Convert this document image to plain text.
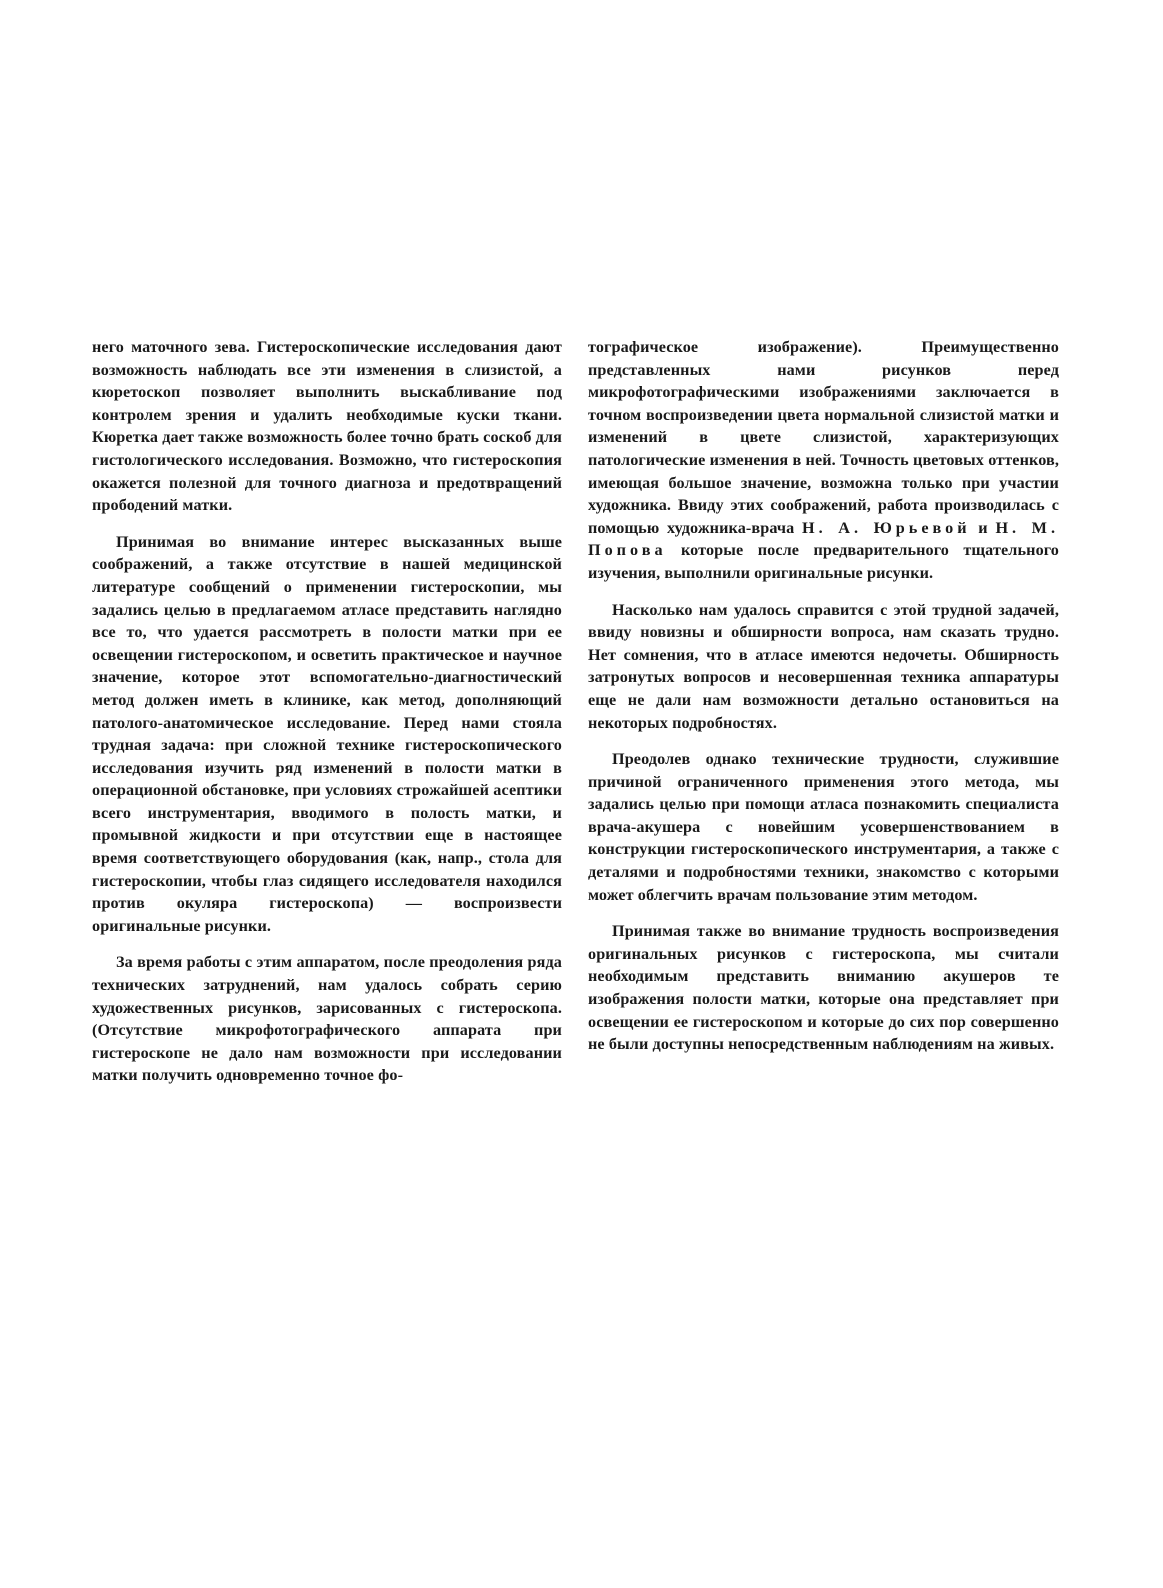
него маточного зева. Гистероскопические исследования дают возможность наблюдать все эти изменения в слизистой, а кюретоскоп позволяет выполнить выскабливание под контролем зрения и удалить необходимые куски ткани. Кюретка дает также возможность более точно брать соскоб для гистологического исследования. Возможно, что гистероскопия окажется полезной для точного диагноза и предотвращений прободений матки.

Принимая во внимание интерес высказанных выше соображений, а также отсутствие в нашей медицинской литературе сообщений о применении гистероскопии, мы задались целью в предлагаемом атласе представить наглядно все то, что удается рассмотреть в полости матки при ее освещении гистероскопом, и осветить практическое и научное значение, которое этот вспомогательно-диагностический метод должен иметь в клинике, как метод, дополняющий патолого-анатомическое исследование. Перед нами стояла трудная задача: при сложной технике гистероскопического исследования изучить ряд изменений в полости матки в операционной обстановке, при условиях строжайшей асептики всего инструментария, вводимого в полость матки, и промывной жидкости и при отсутствии еще в настоящее время соответствующего оборудования (как, напр., стола для гистероскопии, чтобы глаз сидящего исследователя находился против окуляра гистероскопа) — воспроизвести оригинальные рисунки.

За время работы с этим аппаратом, после преодоления ряда технических затруднений, нам удалось собрать серию художественных рисунков, зарисованных с гистероскопа. (Отсутствие микрофотографического аппарата при гистероскопе не дало нам возможности при исследовании матки получить одновременно точное фо-

тографическое изображение). Преимущественно представленных нами рисунков перед микрофотографическими изображениями заключается в точном воспроизведении цвета нормальной слизистой матки и изменений в цвете слизистой, характеризующих патологические изменения в ней. Точность цветовых оттенков, имеющая большое значение, возможна только при участии художника. Ввиду этих соображений, работа производилась с помощью художника-врача Н. А. Юрьевой и Н. М. Попова которые после предварительного тщательного изучения, выполнили оригинальные рисунки.

Насколько нам удалось справится с этой трудной задачей, ввиду новизны и обширности вопроса, нам сказать трудно. Нет сомнения, что в атласе имеются недочеты. Обширность затронутых вопросов и несовершенная техника аппаратуры еще не дали нам возможности детально остановиться на некоторых подробностях.

Преодолев однако технические трудности, служившие причиной ограниченного применения этого метода, мы задались целью при помощи атласа познакомить специалиста врача-акушера с новейшим усовершенствованием в конструкции гистероскопического инструментария, а также с деталями и подробностями техники, знакомство с которыми может облегчить врачам пользование этим методом.

Принимая также во внимание трудность воспроизведения оригинальных рисунков с гистероскопа, мы считали необходимым представить вниманию акушеров те изображения полости матки, которые она представляет при освещении ее гистероскопом и которые до сих пор совершенно не были доступны непосредственным наблюдениям на живых.
